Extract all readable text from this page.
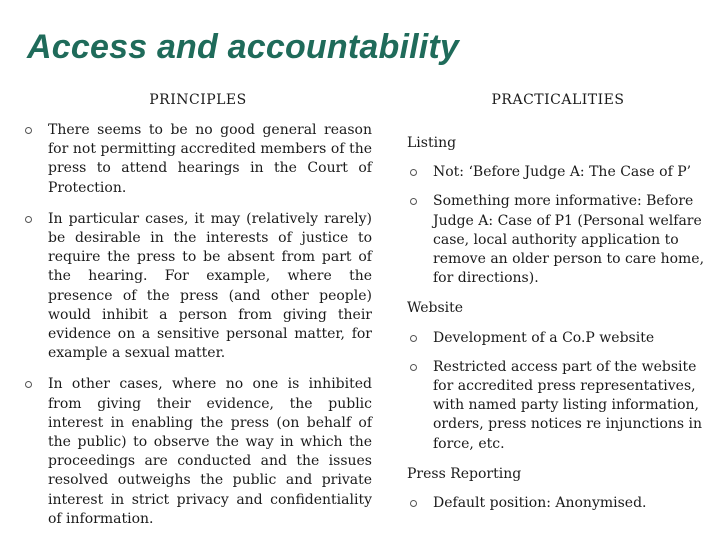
Access and accountability
PRINCIPLES	PRACTICALITIES
There seems to be no good general reason for not permitting accredited members of the press to attend hearings in the Court of Protection.
In particular cases, it may (relatively rarely) be desirable in the interests of justice to require the press to be absent from part of the hearing. For example, where the presence of the press (and other people) would inhibit a person from giving their evidence on a sensitive personal matter, for example a sexual matter.
In other cases, where no one is inhibited from giving their evidence, the public interest in enabling the press (on behalf of the public) to observe the way in which the proceedings are conducted and the issues resolved outweighs the public and private interest in strict privacy and confidentiality of information.
Listing
Not: ‘Before Judge A: The Case of P’
Something more informative: Before Judge A: Case of P1 (Personal welfare case, local authority application to remove an older person to care home, for directions).
Website
Development of a Co.P website
Restricted access part of the website for accredited press representatives, with named party listing information, orders, press notices re injunctions in force, etc.
Press Reporting
Default position: Anonymised.
